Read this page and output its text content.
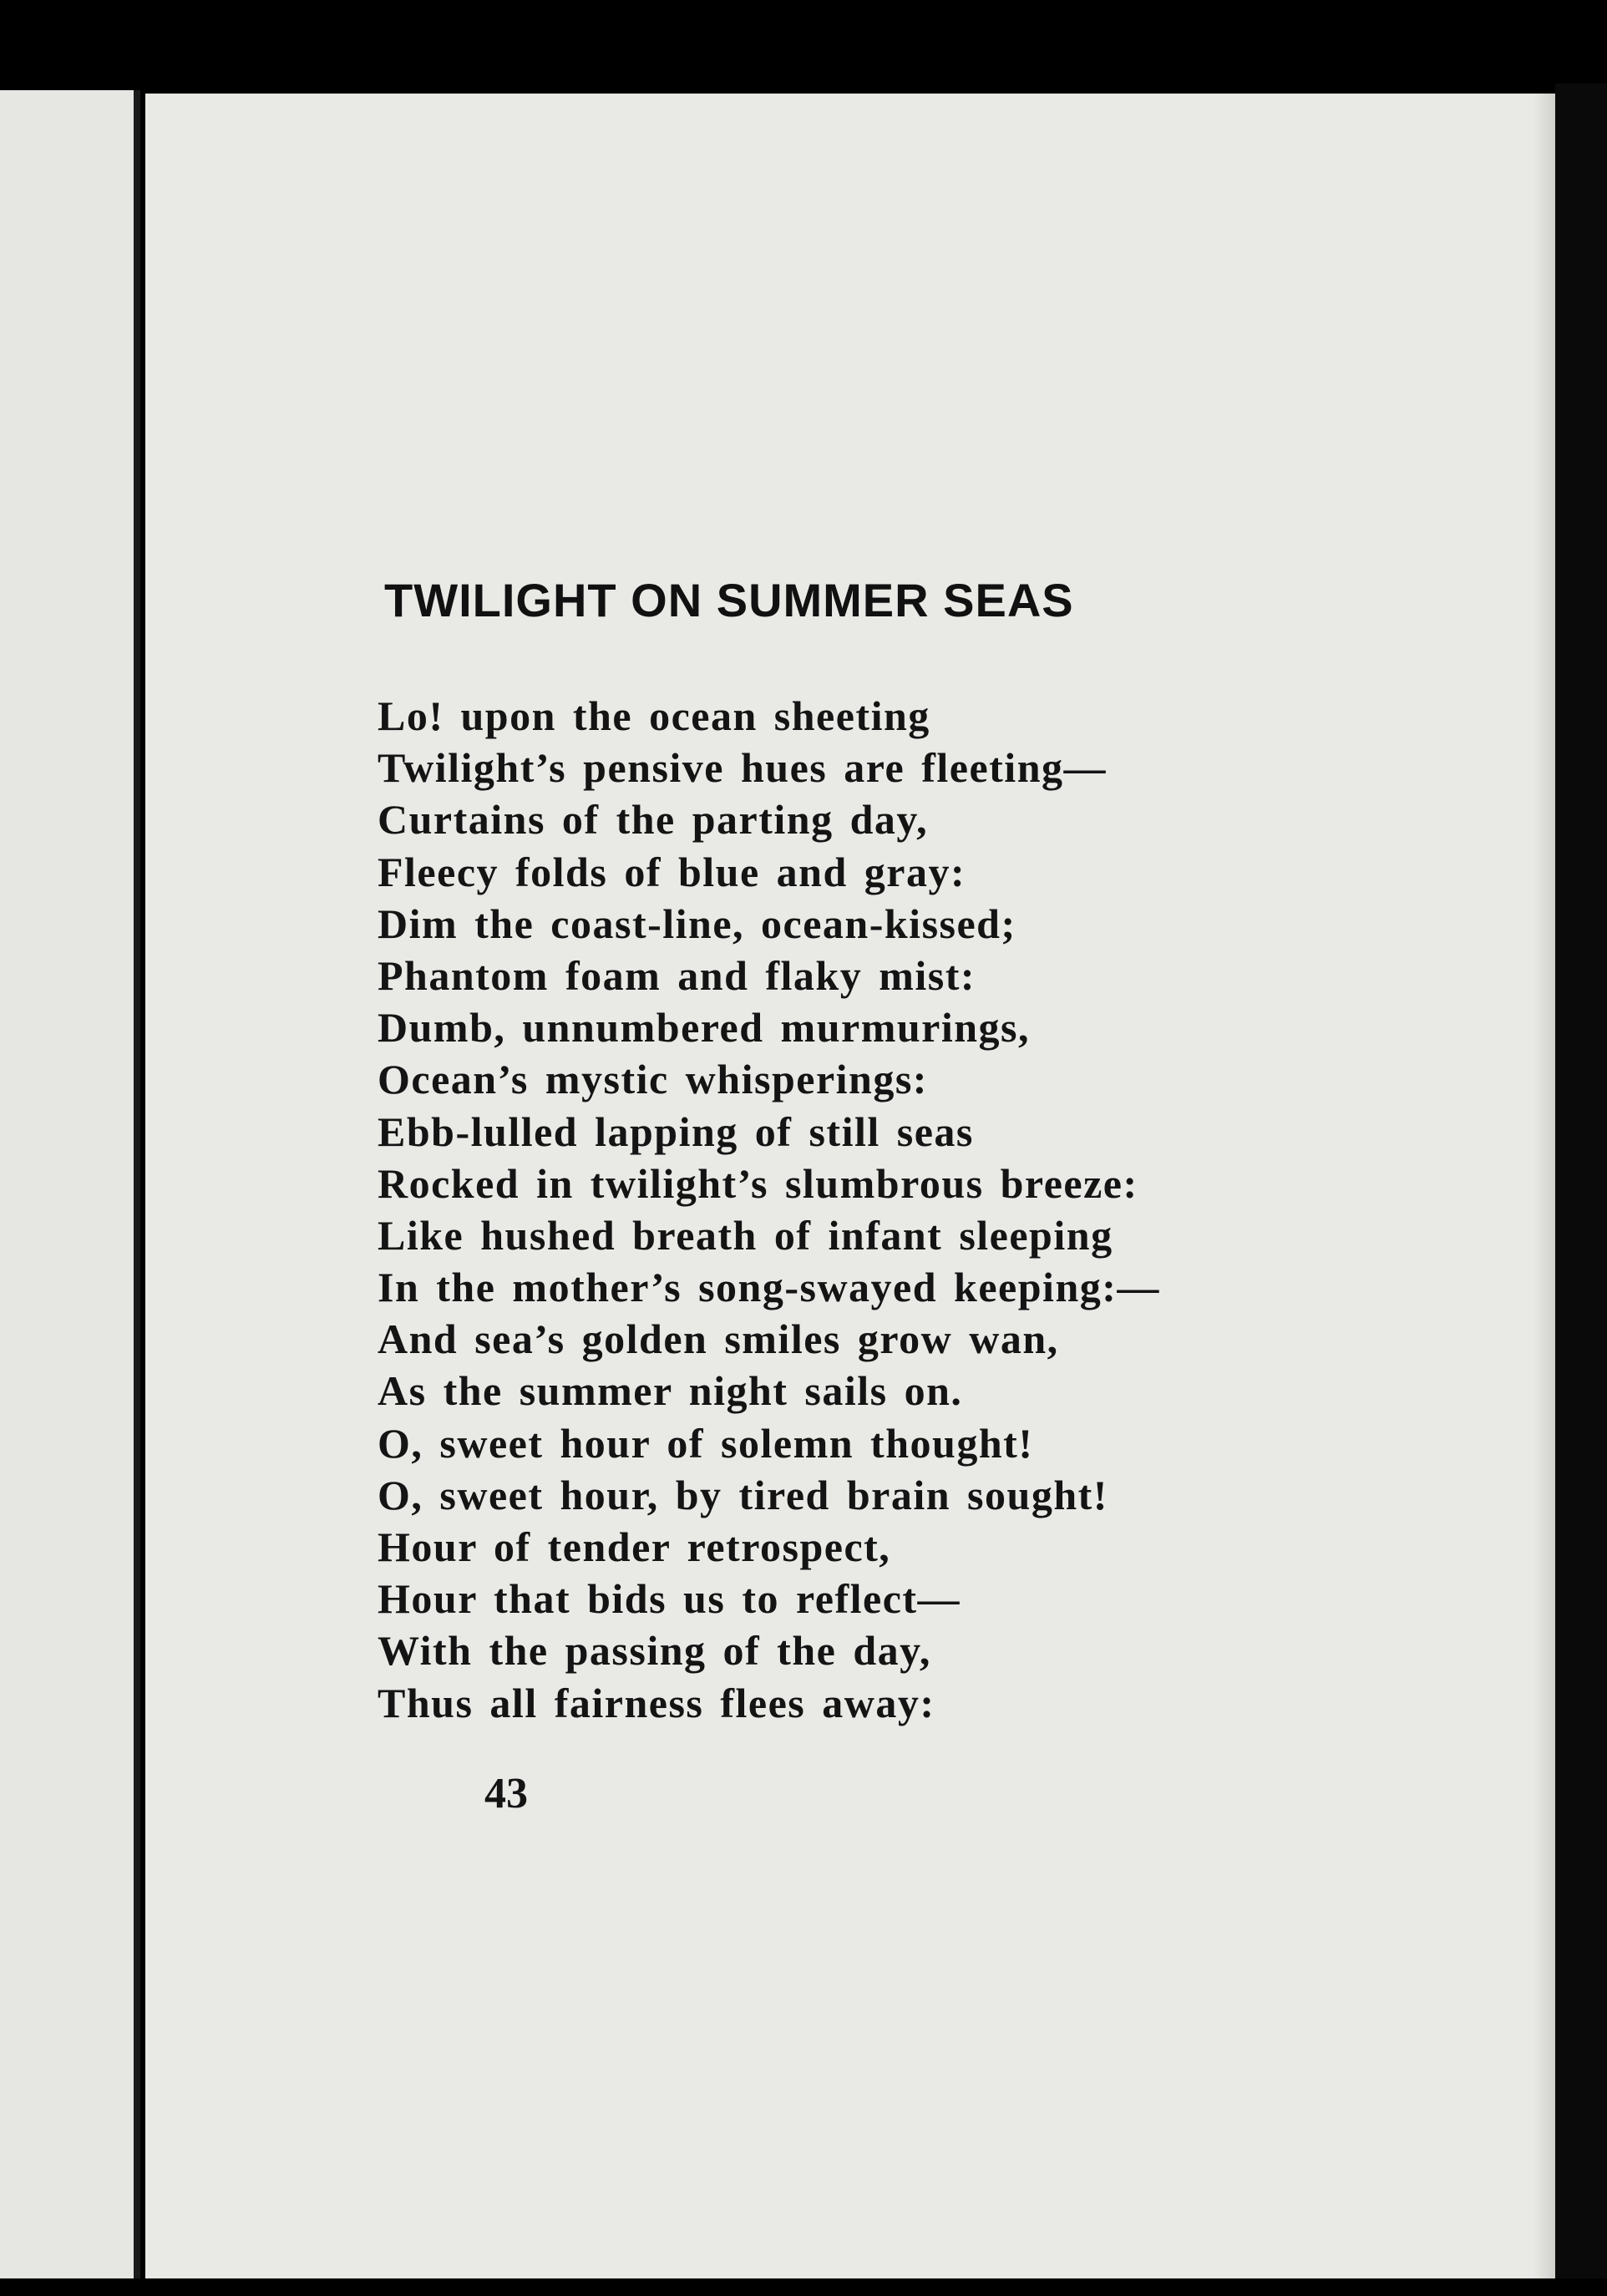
TWILIGHT ON SUMMER SEAS
Lo! upon the ocean sheeting
Twilight’s pensive hues are fleeting—
Curtains of the parting day,
Fleecy folds of blue and gray:
Dim the coast-line, ocean-kissed;
Phantom foam and flaky mist:
Dumb, unnumbered murmurings,
Ocean’s mystic whisperings:
Ebb-lulled lapping of still seas
Rocked in twilight’s slumbrous breeze:
Like hushed breath of infant sleeping
In the mother’s song-swayed keeping:—
And sea’s golden smiles grow wan,
As the summer night sails on.
O, sweet hour of solemn thought!
O, sweet hour, by tired brain sought!
Hour of tender retrospect,
Hour that bids us to reflect—
With the passing of the day,
Thus all fairness flees away:
43
